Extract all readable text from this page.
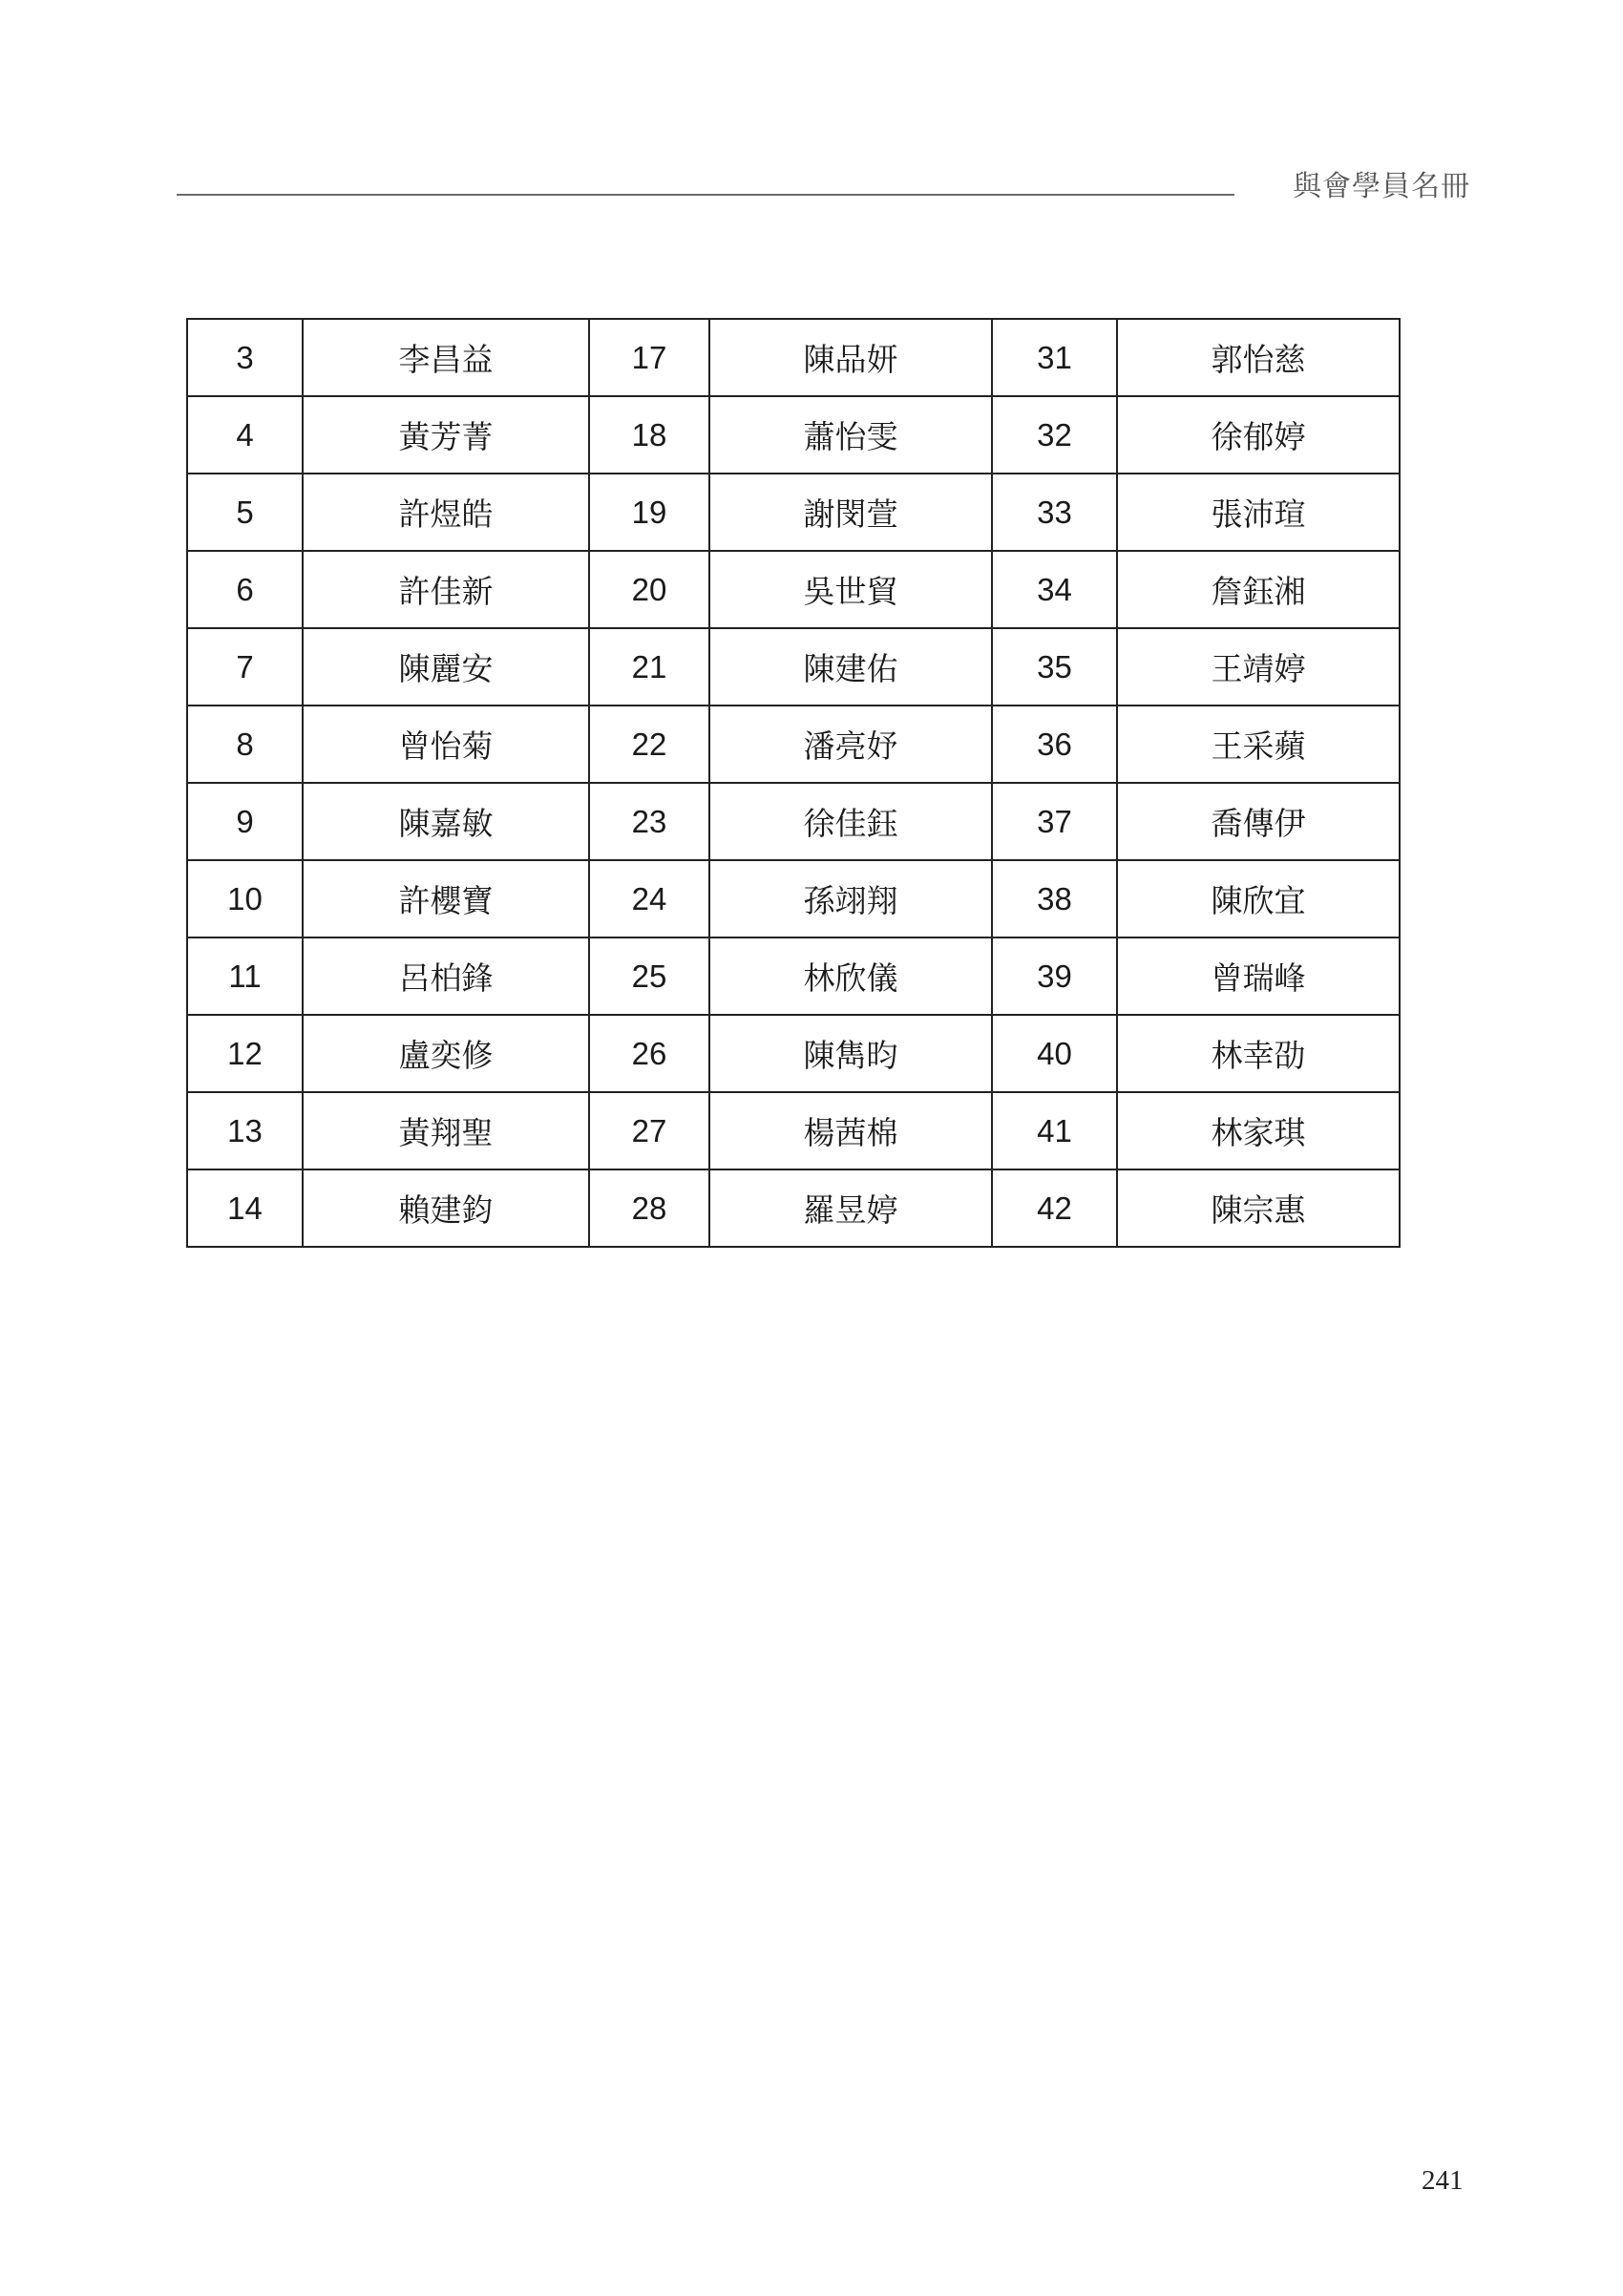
與會學員名冊
3	李昌益	17	陳品妍	31	郭怡慈
4	黃芳菁	18	蕭怡雯	32	徐郁婷
5	許煜皓	19	謝閔萱	33	張沛瑄
6	許佳新	20	吳世貿	34	詹鈺湘
7	陳麗安	21	陳建佑	35	王靖婷
8	曾怡菊	22	潘亮妤	36	王采蘋
9	陳嘉敏	23	徐佳鈺	37	喬傳伊
10	許櫻寶	24	孫翊翔	38	陳欣宜
11	呂柏鋒	25	林欣儀	39	曾瑞峰
12	盧奕修	26	陳雋昀	40	林幸劭
13	黃翔聖	27	楊茜棉	41	林家琪
14	賴建鈞	28	羅昱婷	42	陳宗惠
241
